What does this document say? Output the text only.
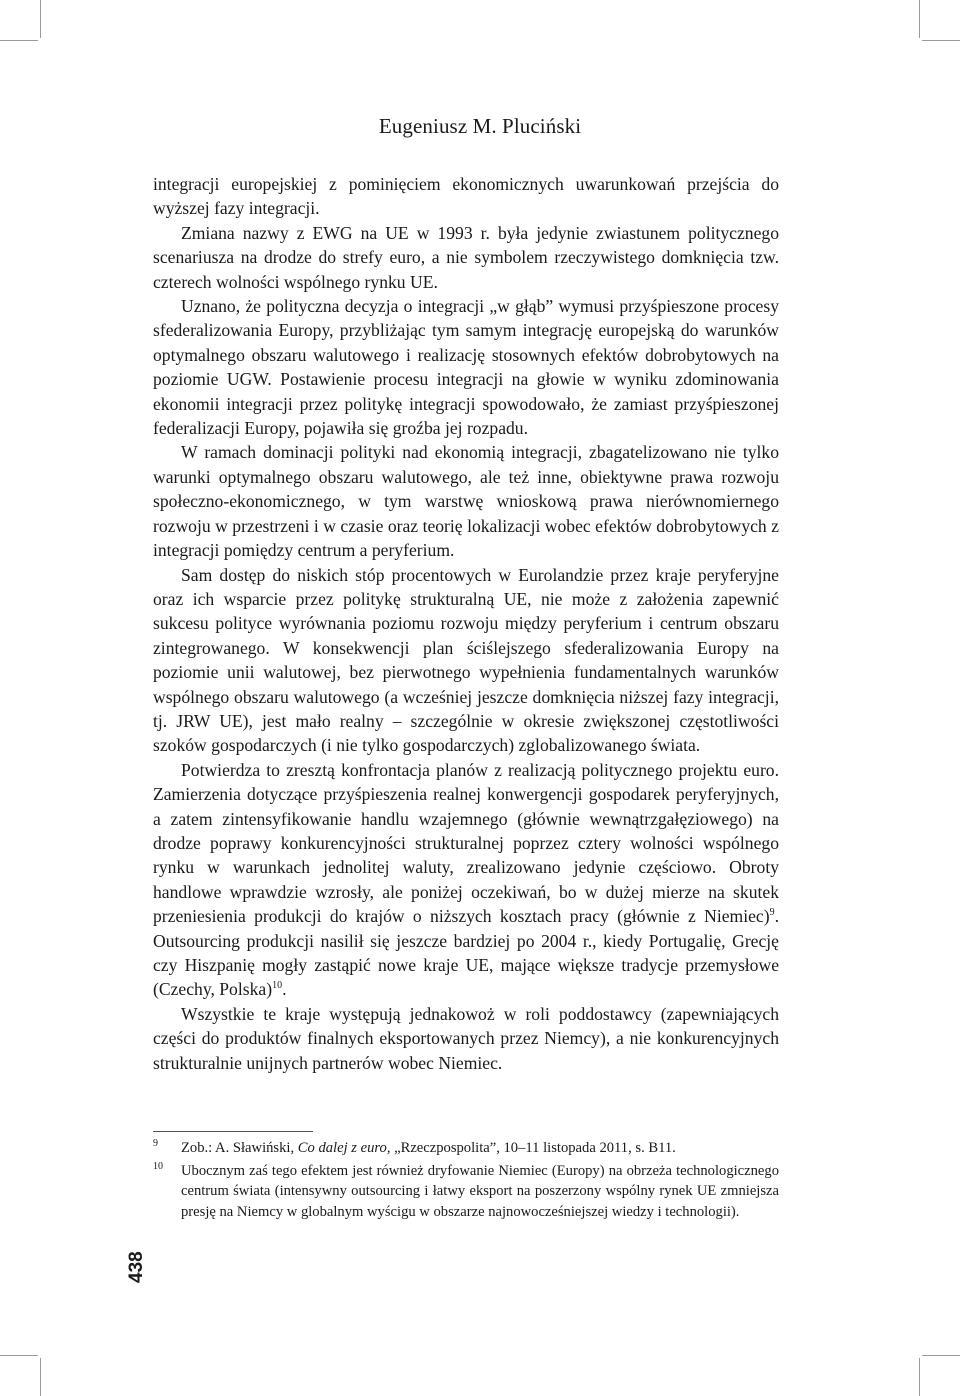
Eugeniusz M. Pluciński

integracji europejskiej z pominięciem ekonomicznych uwarunkowań przejścia do wyższej fazy integracji.

Zmiana nazwy z EWG na UE w 1993 r. była jedynie zwiastunem politycznego scenariusza na drodze do strefy euro, a nie symbolem rzeczywistego domknięcia tzw. czterech wolności wspólnego rynku UE.

Uznano, że polityczna decyzja o integracji „w głąb” wymusi przyśpieszone procesy sfederalizowania Europy, przybliżając tym samym integrację europejską do warunków optymalnego obszaru walutowego i realizację stosownych efektów dobrobytowych na poziomie UGW. Postawienie procesu integracji na głowie w wyniku zdominowania ekonomii integracji przez politykę integracji spowodowało, że zamiast przyśpieszonej federalizacji Europy, pojawiła się groźba jej rozpadu.

W ramach dominacji polityki nad ekonomią integracji, zbagatelizowano nie tylko warunki optymalnego obszaru walutowego, ale też inne, obiektywne prawa rozwoju społeczno-ekonomicznego, w tym warstwę wnioskową prawa nierównomiernego rozwoju w przestrzeni i w czasie oraz teorię lokalizacji wobec efektów dobrobytowych z integracji pomiędzy centrum a peryferium.

Sam dostęp do niskich stóp procentowych w Eurolandzie przez kraje peryferyjne oraz ich wsparcie przez politykę strukturalną UE, nie może z założenia zapewnić sukcesu polityce wyrównania poziomu rozwoju między peryferium i centrum obszaru zintegrowanego. W konsekwencji plan ściślejszego sfederalizowania Europy na poziomie unii walutowej, bez pierwotnego wypełnienia fundamentalnych warunków wspólnego obszaru walutowego (a wcześniej jeszcze domknięcia niższej fazy integracji, tj. JRW UE), jest mało realny – szczególnie w okresie zwiększonej częstotliwości szoków gospodarczych (i nie tylko gospodarczych) zglobalizowanego świata.

Potwierdza to zresztą konfrontacja planów z realizacją politycznego projektu euro. Zamierzenia dotyczące przyśpieszenia realnej konwergencji gospodarek peryferyjnych, a zatem zintensyfikowanie handlu wzajemnego (głównie wewnątrzgałęziowego) na drodze poprawy konkurencyjności strukturalnej poprzez cztery wolności wspólnego rynku w warunkach jednolitej waluty, zrealizowano jedynie częściowo. Obroty handlowe wprawdzie wzrosły, ale poniżej oczekiwań, bo w dużej mierze na skutek przeniesienia produkcji do krajów o niższych kosztach pracy (głównie z Niemiec)$^9$. Outsourcing produkcji nasilił się jeszcze bardziej po 2004 r., kiedy Portugalię, Grecję czy Hiszpanię mogły zastąpić nowe kraje UE, mające większe tradycje przemysłowe (Czechy, Polska)$^{10}$.

Wszystkie te kraje występują jednakowoż w roli poddostawcy (zapewniających części do produktów finalnych eksportowanych przez Niemcy), a nie konkurencyjnych strukturalnie unijnych partnerów wobec Niemiec.

9 Zob.: A. Sławiński, Co dalej z euro, „Rzeczpospolita”, 10–11 listopada 2011, s. B11.
10 Ubocznym zaś tego efektem jest również dryfowanie Niemiec (Europy) na obrzeża technologicznego centrum świata (intensywny outsourcing i łatwy eksport na poszerzony wspólny rynek UE zmniejsza presję na Niemcy w globalnym wyścigu w obszarze najnowocześniejszej wiedzy i technologii).
438
